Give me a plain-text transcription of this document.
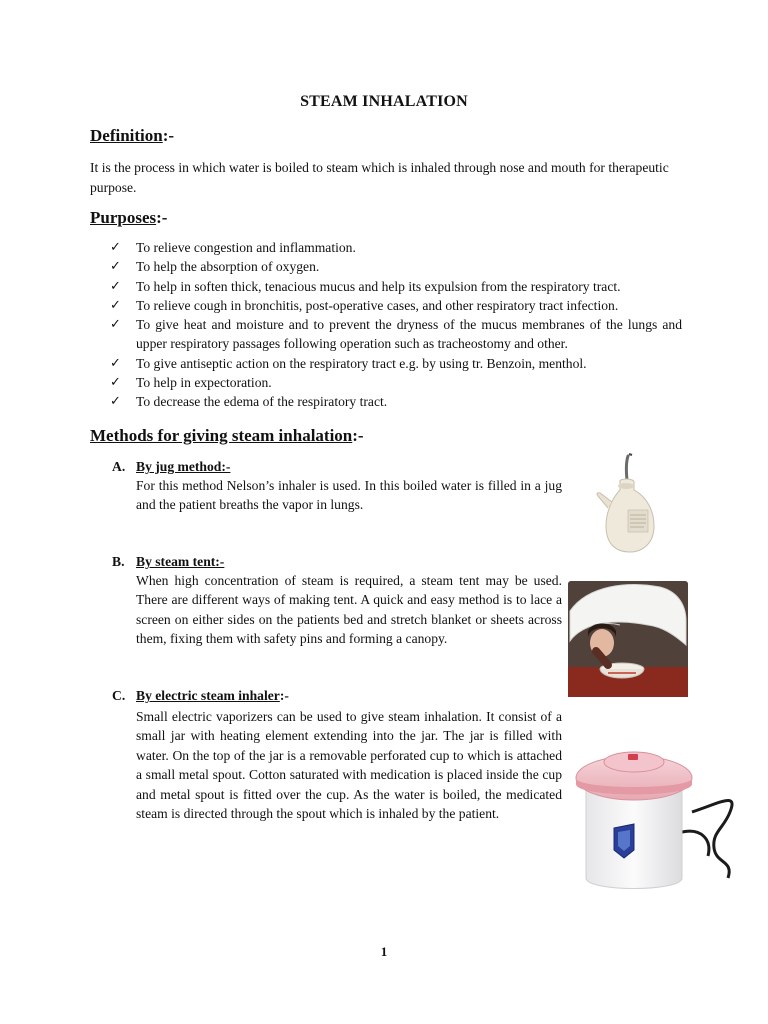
STEAM INHALATION
Definition:-
It is the process in which water is boiled to steam which is inhaled through nose and mouth for therapeutic purpose.
Purposes:-
✓ To relieve congestion and inflammation.
✓ To help the absorption of oxygen.
✓ To help in soften thick, tenacious mucus and help its expulsion from the respiratory tract.
✓ To relieve cough in bronchitis, post-operative cases, and other respiratory tract infection.
✓ To give heat and moisture and to prevent the dryness of the mucus membranes of the lungs and upper respiratory passages following operation such as tracheostomy and other.
✓ To give antiseptic action on the respiratory tract e.g. by using tr. Benzoin, menthol.
✓ To help in expectoration.
✓ To decrease the edema of the respiratory tract.
Methods for giving steam inhalation:-
A. By jug method:-
For this method Nelson’s inhaler is used. In this boiled water is filled in a jug and the patient breaths the vapor in lungs.
B. By steam tent:-
When high concentration of steam is required, a steam tent may be used. There are different ways of making tent. A quick and easy method is to lace a screen on either sides on the patients bed and stretch blanket or sheets across them, fixing them with safety pins and forming a canopy.
C. By electric steam inhaler:-
Small electric vaporizers can be used to give steam inhalation. It consist of a small jar with heating element extending into the jar. The jar is filled with water. On the top of the jar is a removable perforated cup to which is attached a small metal spout. Cotton saturated with medication is placed inside the cup and metal spout is fitted over the cup. As the water is boiled, the medicated steam is directed through the spout which is inhaled by the patient.
1
